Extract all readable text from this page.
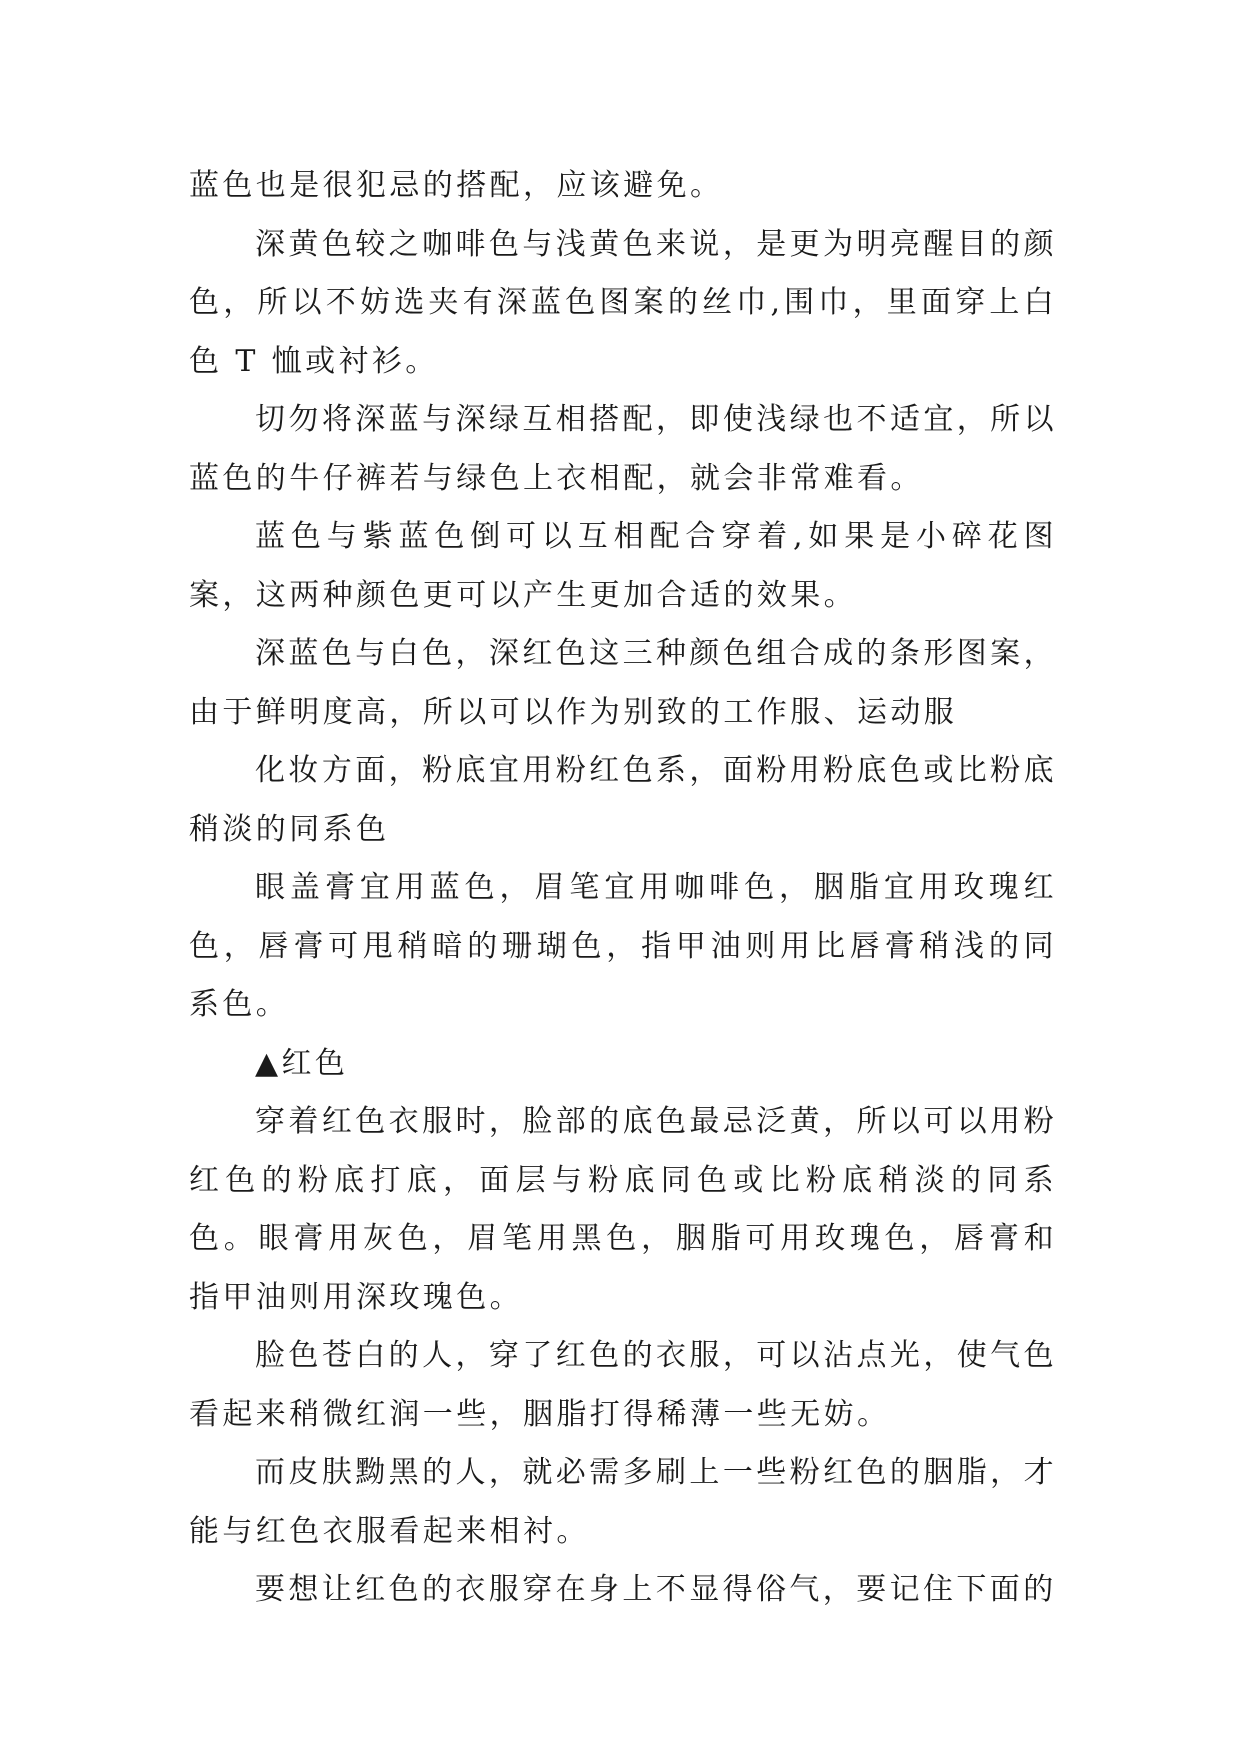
蓝色也是很犯忌的搭配，应该避免。

深黄色较之咖啡色与浅黄色来说，是更为明亮醒目的颜色，所以不妨选夹有深蓝色图案的丝巾,围巾，里面穿上白色 T 恤或衬衫。

切勿将深蓝与深绿互相搭配，即使浅绿也不适宜，所以蓝色的牛仔裤若与绿色上衣相配，就会非常难看。

蓝色与紫蓝色倒可以互相配合穿着,如果是小碎花图案，这两种颜色更可以产生更加合适的效果。

深蓝色与白色，深红色这三种颜色组合成的条形图案，由于鲜明度高，所以可以作为别致的工作服、运动服

化妆方面，粉底宜用粉红色系，面粉用粉底色或比粉底稍淡的同系色

眼盖膏宜用蓝色，眉笔宜用咖啡色，胭脂宜用玫瑰红色，唇膏可甩稍暗的珊瑚色，指甲油则用比唇膏稍浅的同系色。

▲红色

穿着红色衣服时，脸部的底色最忌泛黄，所以可以用粉红色的粉底打底，面层与粉底同色或比粉底稍淡的同系色。眼膏用灰色，眉笔用黑色，胭脂可用玫瑰色，唇膏和指甲油则用深玫瑰色。

脸色苍白的人，穿了红色的衣服，可以沾点光，使气色看起来稍微红润一些，胭脂打得稀薄一些无妨。

而皮肤黝黑的人，就必需多刷上一些粉红色的胭脂，才能与红色衣服看起来相衬。

要想让红色的衣服穿在身上不显得俗气，要记住下面的
